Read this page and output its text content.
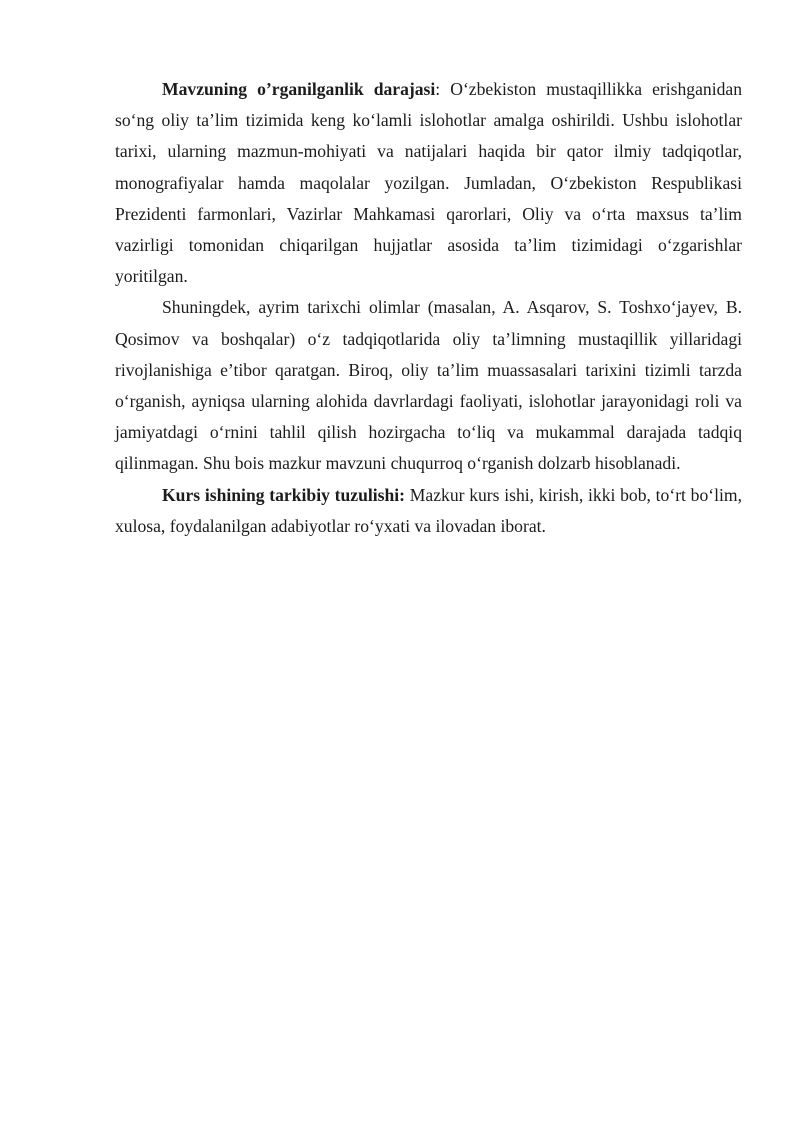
Mavzuning o’rganilganlik darajasi: O‘zbekiston mustaqillikka erishganidan so‘ng oliy ta’lim tizimida keng ko‘lamli islohotlar amalga oshirildi. Ushbu islohotlar tarixi, ularning mazmun-mohiyati va natijalari haqida bir qator ilmiy tadqiqotlar, monografiyalar hamda maqolalar yozilgan. Jumladan, O‘zbekiston Respublikasi Prezidenti farmonlari, Vazirlar Mahkamasi qarorlari, Oliy va o‘rta maxsus ta’lim vazirligi tomonidan chiqarilgan hujjatlar asosida ta’lim tizimidagi o‘zgarishlar yoritilgan.

Shuningdek, ayrim tarixchi olimlar (masalan, A. Asqarov, S. Toshxo‘jayev, B. Qosimov va boshqalar) o‘z tadqiqotlarida oliy ta’limning mustaqillik yillaridagi rivojlanishiga e’tibor qaratgan. Biroq, oliy ta’lim muassasalari tarixini tizimli tarzda o‘rganish, ayniqsa ularning alohida davrlardagi faoliyati, islohotlar jarayonidagi roli va jamiyatdagi o‘rnini tahlil qilish hozirgacha to‘liq va mukammal darajada tadqiq qilinmagan. Shu bois mazkur mavzuni chuqurroq o‘rganish dolzarb hisoblanadi.

Kurs ishining tarkibiy tuzulishi: Mazkur kurs ishi, kirish, ikki bob, to‘rt bo‘lim, xulosa, foydalanilgan adabiyotlar ro‘yxati va ilovadan iborat.
